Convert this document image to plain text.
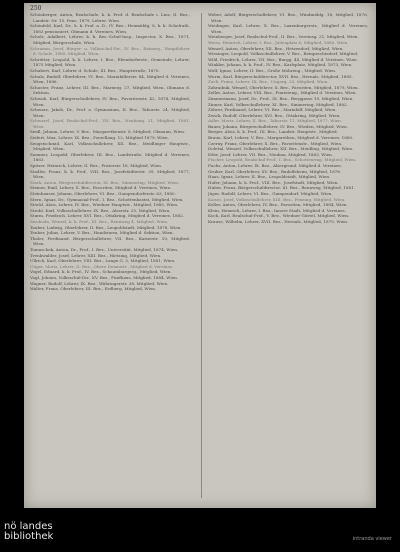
250

Schönberger, Anton, Realschule, k. k. Prof. d. Realschule i. Linz, II. Bez., Landstr. Nr. 15. Pens. 1879, Lehrer. Wien.

Schönfeld, Karl, Dr., k. k. Prof. a. D., IV. Bez., Heumühlg. 8, k. k. Schulrath, 1883 pensioniert, Obmann d. Vereines, Wien.

Scholz, Adalbert, Lehrer, k. k. Bez.-Schul-Insp., Inspector, X. Bez., 1871, Mitglied, Bürgerschule, Wien.

Schramm, Josef, Bürger- u. Volksschul-Dir., IV. Bez., Rainerg., Hauptlehrer d. Schule, 1880, Mitglied, Wien.

Schrötter, Leopold, k. k. Lehrer, I. Bez., Ebendorferstr., Gemeinde, Lehrer, 1875 Mitglied, Wien.

Schubert, Karl, Lehrer d. Schule, III. Bez., Hauptstraße, 1870.

Schulz, Rudolf, Oberlehrer, VI. Bez., Mariahilferstr. 84, Mitglied d. Vereines, Wien, 1886.

Schuster, Franz, Lehrer, III. Bez., Marxerg. 27, Mitglied, Wien, Obmann d. Sektion.

Schwab, Karl, Bürgerschullehrer, IV. Bez., Favoritenstr. 42, 1874, Mitglied, Wien.

Schwarz, Jakob, Dr., Prof. a. Gymnasium, II. Bez., Taborstr. 24, Mitglied, Wien.

Schwarzl, Josef, Realschul-Prof., VII. Bez., Neubaug. 21, Mitglied, 1881, Wien.

Seidl, Johann, Lehrer, V. Bez., Margarethenstr. 8, Mitglied, Obmann, Wien.

Seifert, Max, Lehrer, IX. Bez., Porzellang. 12, Mitglied 1879, Wien.

Sengstschmid, Karl, Volksschullehrer, XII. Bez., Meidlinger Hauptstr., Mitglied, Wien.

Sommer, Leopold, Oberlehrer, III. Bez., Landstraße, Mitglied d. Vereines, 1883.

Spitzer, Heinrich, Lehrer, II. Bez., Praterstr. 16, Mitglied, Wien.

Stadler, Franz, k. k. Prof., VIII. Bez., Josefstädterstr. 39, Mitglied, 1877, Wien.

Stark, Anton, Bürgerschuldirector, XI. Bez., Simmering, Mitglied, Wien.

Steiner, Emil, Lehrer, X. Bez., Favoriten, Mitglied d. Vereines, Wien.

Steinhauser, Johann, Oberlehrer, VI. Bez., Gumpendorferstr. 63, 1880.

Stern, Ignaz, Dr., Gymnasial-Prof., I. Bez., Schottenbastei, Mitglied, Wien.

Stöckl, Alois, Lehrer, IV. Bez., Wiedner Hauptstr., Mitglied, 1885, Wien.

Strobl, Karl, Volksschullehrer, IX. Bez., Alserstr. 25, Mitglied, Wien.

Sturm, Friedrich, Lehrer, XVI. Bez., Ottakring, Mitglied d. Vereines, 1882.

Swoboda, Wenzel, k. k. Prof., III. Bez., Rennweg 4, Mitglied, Wien.

Tauber, Ludwig, Oberlehrer, II. Bez., Leopoldstadt, Mitglied, 1878, Wien.

Teuber, Julius, Lehrer, V. Bez., Hundsturm, Mitglied d. Sektion, Wien.

Thaler, Ferdinand, Bürgerschullehrer, VII. Bez., Kaiserstr. 10, Mitglied, Wien.

Tomaschek, Anton, Dr., Prof., I. Bez., Universität, Mitglied, 1874, Wien.

Trenkwalder, Josef, Lehrer, XIII. Bez., Hietzing, Mitglied, Wien.

Ullrich, Karl, Oberlehrer, VIII. Bez., Lange G. 3, Mitglied, 1881, Wien.

Unger, Moriz, Lehrer, II. Bez., Obere Donaustr., Mitglied d. Vereines.

Vogel, Eduard, k. k. Prof., IV. Bez., Schaumburgerg., Mitglied, Wien.

Vogl, Johann, Volksschul-Dir., XV. Bez., Fünfhaus, Mitglied, 1884, Wien.

Wagner, Rudolf, Lehrer, IX. Bez., Währingerstr. 38, Mitglied, Wien.

Walter, Franz, Oberlehrer, III. Bez., Erdberg, Mitglied, Wien.

Weber, Adolf, Bürgerschullehrer, VI. Bez., Windmühlg. 18, Mitglied, 1876, Wien.

Weidinger, Karl, Lehrer, X. Bez., Laxenburgerstr., Mitglied d. Vereines, Wien.

Weinberger, Josef, Realschul-Prof., II. Bez., Vereinsg. 21, Mitglied, Wien.

Weiss, Heinrich, Lehrer, I. Bez., Judenplatz 6, Mitglied, 1880, Wien.

Wenzel, Anton, Oberlehrer, XII. Bez., Hetzendorf, Mitglied, Wien.

Wiesinger, Leopold, Volksschullehrer, V. Bez., Reinprechtsdorf, Mitglied.

Wild, Friedrich, Lehrer, VII. Bez., Burgg. 44, Mitglied d. Vereines, Wien.

Winkler, Johann, k. k. Prof., IV. Bez., Karlsplatz, Mitglied, 1873, Wien.

Wolf, Ignaz, Lehrer, II. Bez., Große Mohreng., Mitglied, Wien.

Wurm, Karl, Bürgerschuldirector, XVII. Bez., Hernals, Mitglied, 1885.

Zach, Franz, Lehrer, III. Bez., Ungarg. 33, Mitglied, Wien.

Zahradnik, Wenzel, Oberlehrer, X. Bez., Favoriten, Mitglied, 1879, Wien.

Zeller, Anton, Lehrer, VIII. Bez., Piaristeng., Mitglied d. Vereines, Wien.

Zimmermann, Josef, Dr., Prof., IX. Bez., Berggasse 19, Mitglied, Wien.

Zinner, Karl, Volksschullehrer, XI. Bez., Simmering, Mitglied, 1882.

Zöhrer, Ferdinand, Lehrer, VI. Bez., Mariahilf, Mitglied, Wien.

Zwick, Rudolf, Oberlehrer, XVI. Bez., Ottakring, Mitglied, Wien.

Adler, Moriz, Lehrer, II. Bez., Taborstr. 11, Mitglied, 1877, Wien.

Bauer, Johann, Bürgerschullehrer, IV. Bez., Wieden, Mitglied, Wien.

Berger, Alois, k. k. Prof., III. Bez., Landstr. Hauptstr., Mitglied.

Braun, Karl, Lehrer, V. Bez., Margarethen, Mitglied d. Vereines, 1880.

Czerny, Franz, Oberlehrer, X. Bez., Favoritenstr., Mitglied, Wien.

Doležal, Wenzel, Volksschullehrer, XII. Bez., Meidling, Mitglied, Wien.

Eder, Josef, Lehrer, VII. Bez., Neubau, Mitglied, 1883, Wien.

Fischer, Leopold, Realschul-Prof., I. Bez., Schottenring, Mitglied, Wien.

Fuchs, Anton, Lehrer, IX. Bez., Alsergrund, Mitglied d. Vereines.

Gruber, Karl, Oberlehrer, XV. Bez., Rudolfsheim, Mitglied, 1878.

Haas, Ignaz, Lehrer, II. Bez., Leopoldstadt, Mitglied, Wien.

Hofer, Johann, k. k. Prof., VIII. Bez., Josefstadt, Mitglied, Wien.

Huber, Franz, Bürgerschuldirector, III. Bez., Rennweg, Mitglied, 1881.

Jäger, Rudolf, Lehrer, VI. Bez., Gumpendorf, Mitglied, Wien.

Kaiser, Josef, Volksschullehrer, XIII. Bez., Penzing, Mitglied, Wien.

Keller, Anton, Oberlehrer, IV. Bez., Favoriten, Mitglied, 1884, Wien.

Klein, Heinrich, Lehrer, I. Bez., Innere Stadt, Mitglied d. Vereines.

Koch, Karl, Realschul-Prof., V. Bez., Wiedner Gürtel, Mitglied, Wien.

Krause, Wilhelm, Lehrer, XVII. Bez., Hernals, Mitglied, 1879, Wien.

nö landes
bibliothek	intranda viewer
